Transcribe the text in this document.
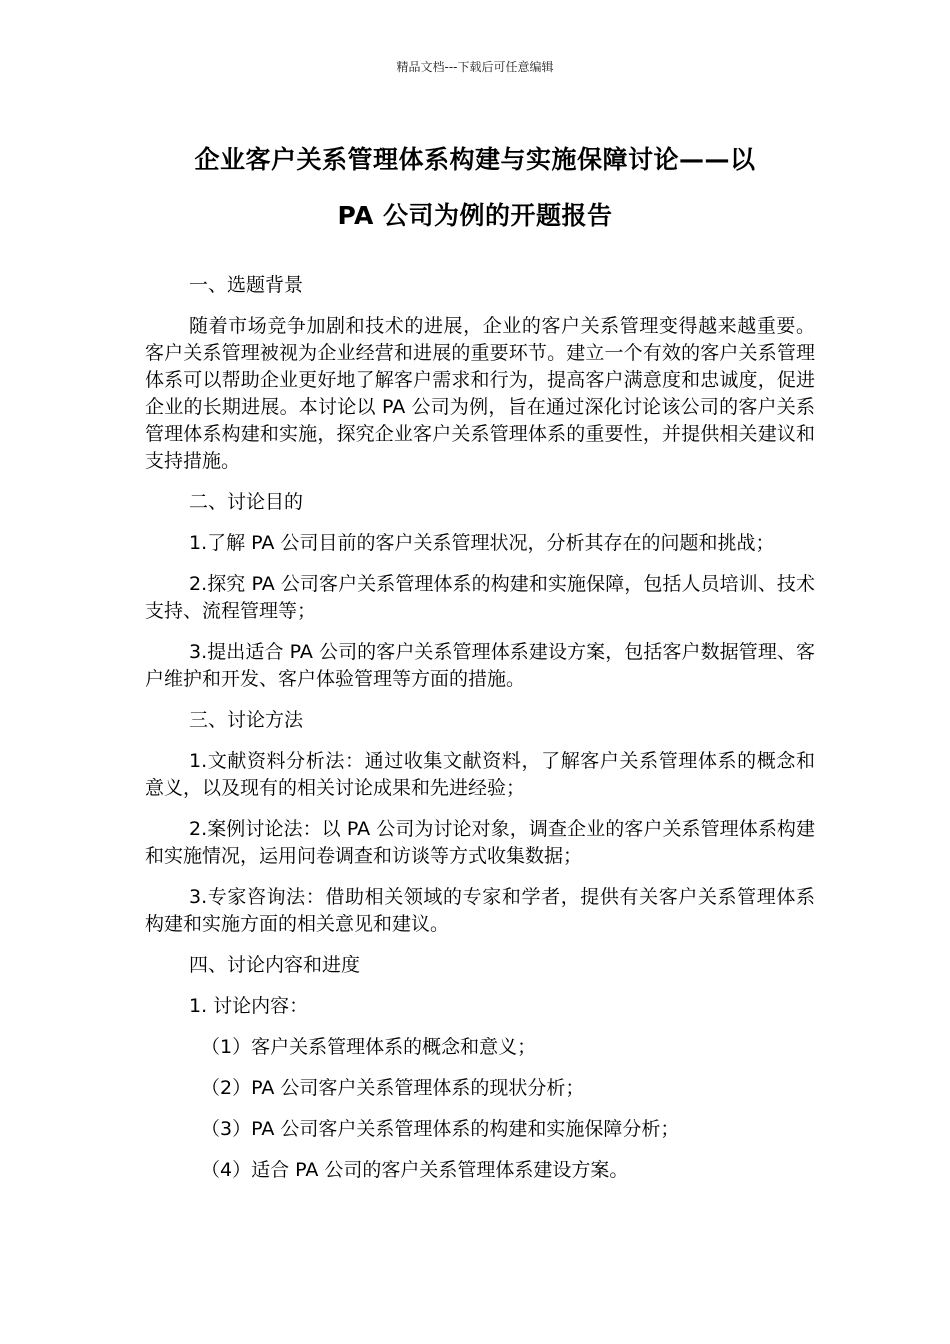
精品文档---下载后可任意编辑
企业客户关系管理体系构建与实施保障讨论——以
PA 公司为例的开题报告

一、选题背景

随着市场竞争加剧和技术的进展，企业的客户关系管理变得越来越重要。客户关系管理被视为企业经营和进展的重要环节。建立一个有效的客户关系管理体系可以帮助企业更好地了解客户需求和行为，提高客户满意度和忠诚度，促进企业的长期进展。本讨论以 PA 公司为例，旨在通过深化讨论该公司的客户关系管理体系构建和实施，探究企业客户关系管理体系的重要性，并提供相关建议和支持措施。

二、讨论目的

1.了解 PA 公司目前的客户关系管理状况，分析其存在的问题和挑战；

2.探究 PA 公司客户关系管理体系的构建和实施保障，包括人员培训、技术支持、流程管理等；

3.提出适合 PA 公司的客户关系管理体系建设方案，包括客户数据管理、客户维护和开发、客户体验管理等方面的措施。

三、讨论方法

1.文献资料分析法：通过收集文献资料，了解客户关系管理体系的概念和意义，以及现有的相关讨论成果和先进经验；

2.案例讨论法：以 PA 公司为讨论对象，调查企业的客户关系管理体系构建和实施情况，运用问卷调查和访谈等方式收集数据；

3.专家咨询法：借助相关领域的专家和学者，提供有关客户关系管理体系构建和实施方面的相关意见和建议。

四、讨论内容和进度

1. 讨论内容：

（1）客户关系管理体系的概念和意义；

（2）PA 公司客户关系管理体系的现状分析；

（3）PA 公司客户关系管理体系的构建和实施保障分析；

（4）适合 PA 公司的客户关系管理体系建设方案。
